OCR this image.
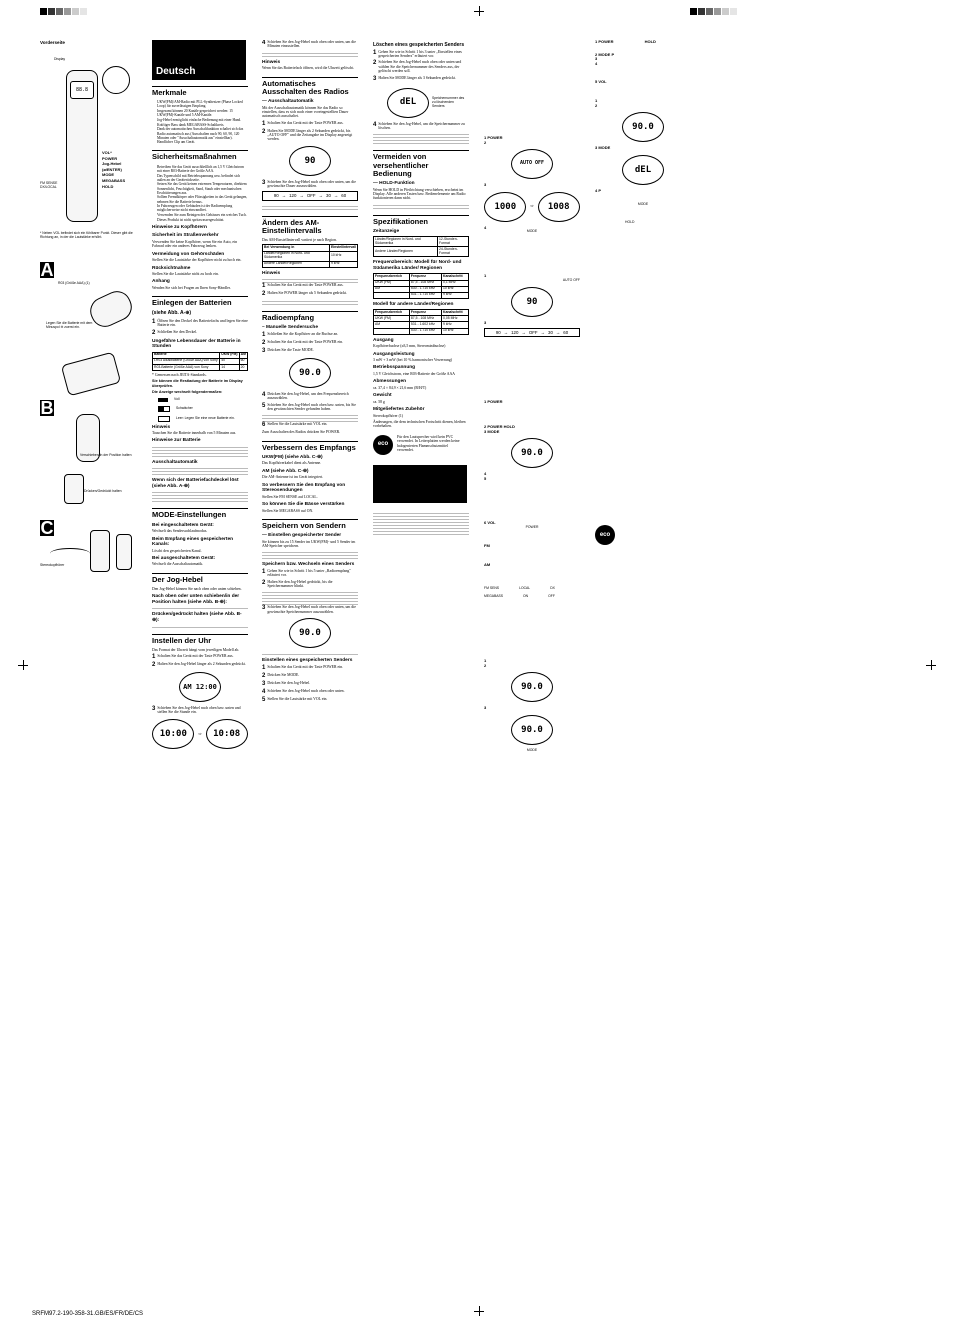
Vorderseite
Display
88.8
VOL*
POWER
Jog-Hebel (ø/ENTER)
MODE
MEGABASS
HOLD
FM SENSE DX/LOCAL
* Neben VOL befindet sich ein fühlbarer Punkt. Dieser gibt die Richtung an, in der die Lautstärke erhöht.
A
R03 (Größe AAA) (1)
Legen Sie die Batterie mit dem Minuspol ⊖ zuerst ein.
B
Verschieben/In der Position halten
Drücken/Gedrückt halten
C
Stereokopfhörer
Deutsch
Merkmale
• UKW(FM)/AM-Radio mit PLL-Synthesizer (Phase Locked Loop) für zuverlässigen Empfang.
• Insgesamt können 20 Kanäle gespeichert werden: 15 UKW(FM)-Kanäle und 5 AM-Kanäle.
• Jog-Hebel ermöglicht einfache Bedienung mit einer Hand.
• Kräftiger Bass dank MEGABASS-Schaltkreis.
• Dank der automatischen Ausschaltfunktion schaltet sich das Radio automatisch aus (Ausschalten nach 90, 60, 90, 120 Minuten oder "Ausschaltautomatik aus" einstellbar).
• Handlicher Clip am Gerät.
Sicherheitsmaßnahmen
• Betreiben Sie das Gerät ausschließlich an 1,5 V Gleichstrom mit einer R03-Batterie der Größe AAA.
• Das Typenschild mit Betriebsspannung usw. befindet sich außen an der Geräterückseite.
• Setzen Sie das Gerät keinen extremen Temperaturen, direktem Sonnenlicht, Feuchtigkeit, Sand, Staub oder mechanischen Erschütterungen aus.
• Sollten Fremdkörper oder Flüssigkeiten in das Gerät gelangen, nehmen Sie die Batterie heraus.
• In Fahrzeugen oder Gebäuden ist der Radioempfang möglicherweise nicht einwandfrei.
• Verwenden Sie zum Reinigen des Gehäuses ein weiches Tuch.
• Dieses Produkt ist nicht spritzwassergeschützt.
Hinweise zu Kopfhörern
Sicherheit im Straßenverkehr

Verwenden Sie keine Kopfhörer, wenn Sie ein Auto, ein Fahrrad oder ein anderes Fahrzeug lenken.

Vermeidung von Gehörschäden

Stellen Sie die Lautstärke der Kopfhörer nicht zu hoch ein.

Rücksichtnahme

Stellen Sie die Lautstärke nicht zu hoch ein.

Anhang

Wenden Sie sich bei Fragen an Ihren Sony-Händler.

Einlegen der Batterien (siehe Abb. A-⊕)
1 Öffnen Sie den Deckel des Batteriefachs und legen Sie eine Batterie ein.
2 Schließen Sie den Deckel.
Ungefähre Lebensdauer der Batterie in Stunden
Batterie	UKW (FM)	AM
LR03 Alkalibatterie (Größe AAA) von Sony	40	60
R03-Batterie (Größe AAA) von Sony	14	20

* Gemessen nach JEITA-Standards.

Sie können die Restladung der Batterie im Display überprüfen.

Die Anzeige wechselt folgendermaßen:

Voll
Schwächer
Leer: Legen Sie eine neue Batterie ein.
Hinweis

Tauschen Sie die Batterie innerhalb von 5 Minuten aus.

Hinweise zur Batterie
Ausschaltautomatik
Wenn sich der Batteriefachdeckel löst (siehe Abb. A-⊕)
MODE-Einstellungen
Bei eingeschaltetem Gerät:

Wechselt das Sendersuchlaufmodus.

Beim Empfang eines gespeicherten Kanals:

Löscht den gespeicherten Kanal.

Bei ausgeschaltetem Gerät:

Wechselt die Ausschaltautomatik.

Der Jog-Hebel

Den Jog-Hebel können Sie nach oben oder unten schieben.

Nach oben oder unten schieben/in der Position halten (siehe Abb. B-⊕):
Drücken/gedrückt halten (siehe Abb. B-⊕):
Instellen der Uhr

Das Format der Uhrzeit hängt vom jeweiligen Modell ab.

1 Schalten Sie das Gerät mit der Taste POWER aus.
2 Halten Sie den Jog-Hebel länger als 2 Sekunden gedrückt.
AM 12:00
3 Schieben Sie den Jog-Hebel nach oben bzw. unten und stellen Sie die Stunde ein.
10:00	⇨	10:08
4 Schieben Sie den Jog-Hebel nach oben oder unten, um die Minuten einzustellen.
Hinweis

Wenn Sie das Batteriefach öffnen, wird die Uhrzeit gelöscht.

Automatisches Ausschalten des Radios
— Ausschaltautomatik

Mit der Ausschaltautomatik können Sie das Radio so einstellen, dass es sich nach einer voreingestellten Dauer automatisch ausschaltet.

1 Schalten Sie das Gerät mit der Taste POWER aus.
2 Halten Sie MODE länger als 2 Sekunden gedrückt, bis „AUTO OFF" und die Zeitangabe im Display angezeigt werden.
90
3 Schieben Sie den Jog-Hebel nach oben oder unten, um die gewünschte Dauer auszuwählen.
90 → 120 → OFF → 30 → 60
Ändern des AM-Einstellintervalls

Das AM-Einstellintervall variiert je nach Region.

Bei Verwendung in	Einstellintervall
Länder/Regionen in Nord- und Südamerika	10 kHz
Andere Länder/Regionen	9 kHz
Hinweis
1 Schalten Sie das Gerät mit der Taste POWER aus.
2 Halten Sie POWER länger als 5 Sekunden gedrückt.
Radioempfang
– Manuelle Sendersuche
1 Schließen Sie die Kopfhörer an die Buchse an.
2 Schalten Sie das Gerät mit der Taste POWER ein.
3 Drücken Sie die Taste MODE.
90.0
4 Drücken Sie den Jog-Hebel, um den Frequenzbereich auszuwählen.
5 Schieben Sie den Jog-Hebel nach oben bzw. unten, bis Sie den gewünschten Sender gefunden haben.
6 Stellen Sie die Lautstärke mit VOL ein.

Zum Ausschalten des Radios drücken Sie POWER.

Verbessern des Empfangs
UKW(FM) (siehe Abb. C-⊕)

Das Kopfhörerkabel dient als Antenne.

AM (siehe Abb. C-⊕)

Die AM-Antenne ist im Gerät integriert.

So verbessern Sie den Empfang von Stereosendungen

Stellen Sie FM SENSE auf LOCAL.

So können Sie die Bässe verstärken

Stellen Sie MEGABASS auf ON.

Speichern von Sendern
— Einstellen gespeicherter Sender

Sie können bis zu 15 Sender im UKW(FM)- und 5 Sender im AM-Speicher speichern.

Speichern bzw. Wechseln eines Senders
1 Gehen Sie wie in Schritt 1 bis 5 unter „Radioempfang" erläutert vor.
2 Halten Sie den Jog-Hebel gedrückt, bis die Speichernummer blinkt.
3 Schieben Sie den Jog-Hebel nach oben oder unten, um die gewünschte Speichernummer auszuwählen.
90.0
Einstellen eines gespeicherten Senders
1 Schalten Sie das Gerät mit der Taste POWER ein.
2 Drücken Sie MODE.
3 Drücken Sie den Jog-Hebel.
4 Schieben Sie den Jog-Hebel nach oben oder unten.
5 Stellen Sie die Lautstärke mit VOL ein.
Löschen eines gespeicherten Senders
1 Gehen Sie wie in Schritt 1 bis 3 unter „Einstellen eines gespeicherten Senders" erläutert vor.
2 Schieben Sie den Jog-Hebel nach oben oder unten und wählen Sie die Speichernummer des Senders aus, der gelöscht werden soll.
3 Halten Sie MODE länger als 3 Sekunden gedrückt.
dEL	Speichernummer des zu löschenden Senders
4 Schieben Sie den Jog-Hebel, um die Speichernummer zu löschen.
Vermeiden von versehentlicher Bedienung
— HOLD-Funktion

Wenn Sie HOLD in Pfeilrichtung verschieben, erscheint im Display. Alle anderen Tasten bzw. Bedienelemente am Radio funktionieren dann nicht.

Spezifikationen
Zeitanzeige
Länder/Regionen in Nord- und Südamerika	12-Stunden-Format
Andere Länder/Regionen	24-Stunden-Format
Frequenzbereich: Modell für Nord- und Südamerika Länder/ Regionen
Frequenzbereich	Frequenz	Kanalschritt
UKW (FM)	87,5 - 108 MHz	0,1 MHz
AM	530 - 1.710 kHz	10 kHz
	531 - 1.710 kHz	9 kHz
Modell für andere Länder/Regionen
Frequenzbereich	Frequenz	Kanalschritt
UKW (FM)	87,5 - 108 MHz	0,05 MHz
AM	531 - 1.602 kHz	9 kHz
	530 - 1.710 kHz	10 kHz
Ausgang

Kopfhörerbuchse (ø3,5 mm, Stereominibuchse)

Ausgangsleistung

3 mW + 3 mW (bei 10 % harmonischer Verzerrung)

Betriebsspannung

1,5 V Gleichstrom, eine R03-Batterie der Größe AAA

Abmessungen

ca. 37,4 × 84,9 × 21,6 mm (B/H/T)

Gewicht

ca. 58 g

Mitgeliefertes Zubehör

Stereokopfhörer (1)

Änderungen, die dem technischen Fortschritt dienen, bleiben vorbehalten.

eco

Für den Lautsprecher wird kein PVC verwendet. In Leiterplatten werden keine halogenierten Flammschutzmittel verwendet.

1 POWER
2
AUTO OFF
3
1000	⇨	1008
4
MODE
1
AUTO OFF
90
3
90 → 120 → OFF → 30 → 60
1 POWER
2 POWER HOLD
3 MODE
90.0
4
5
6 VOL
POWER
FM
AM
FM SENS	LOCAL	DX
MEGABASS	ON	OFF
1
2
90.0
3
90.0
MODE
1 POWER	HOLD
2 MODE P
3
4
5 VOL
1
2
90.0
3 MODE
dEL
4 P
MODE
HOLD
eco
SRFM97.2-190-358-31.GB/ES/FR/DE/CS
